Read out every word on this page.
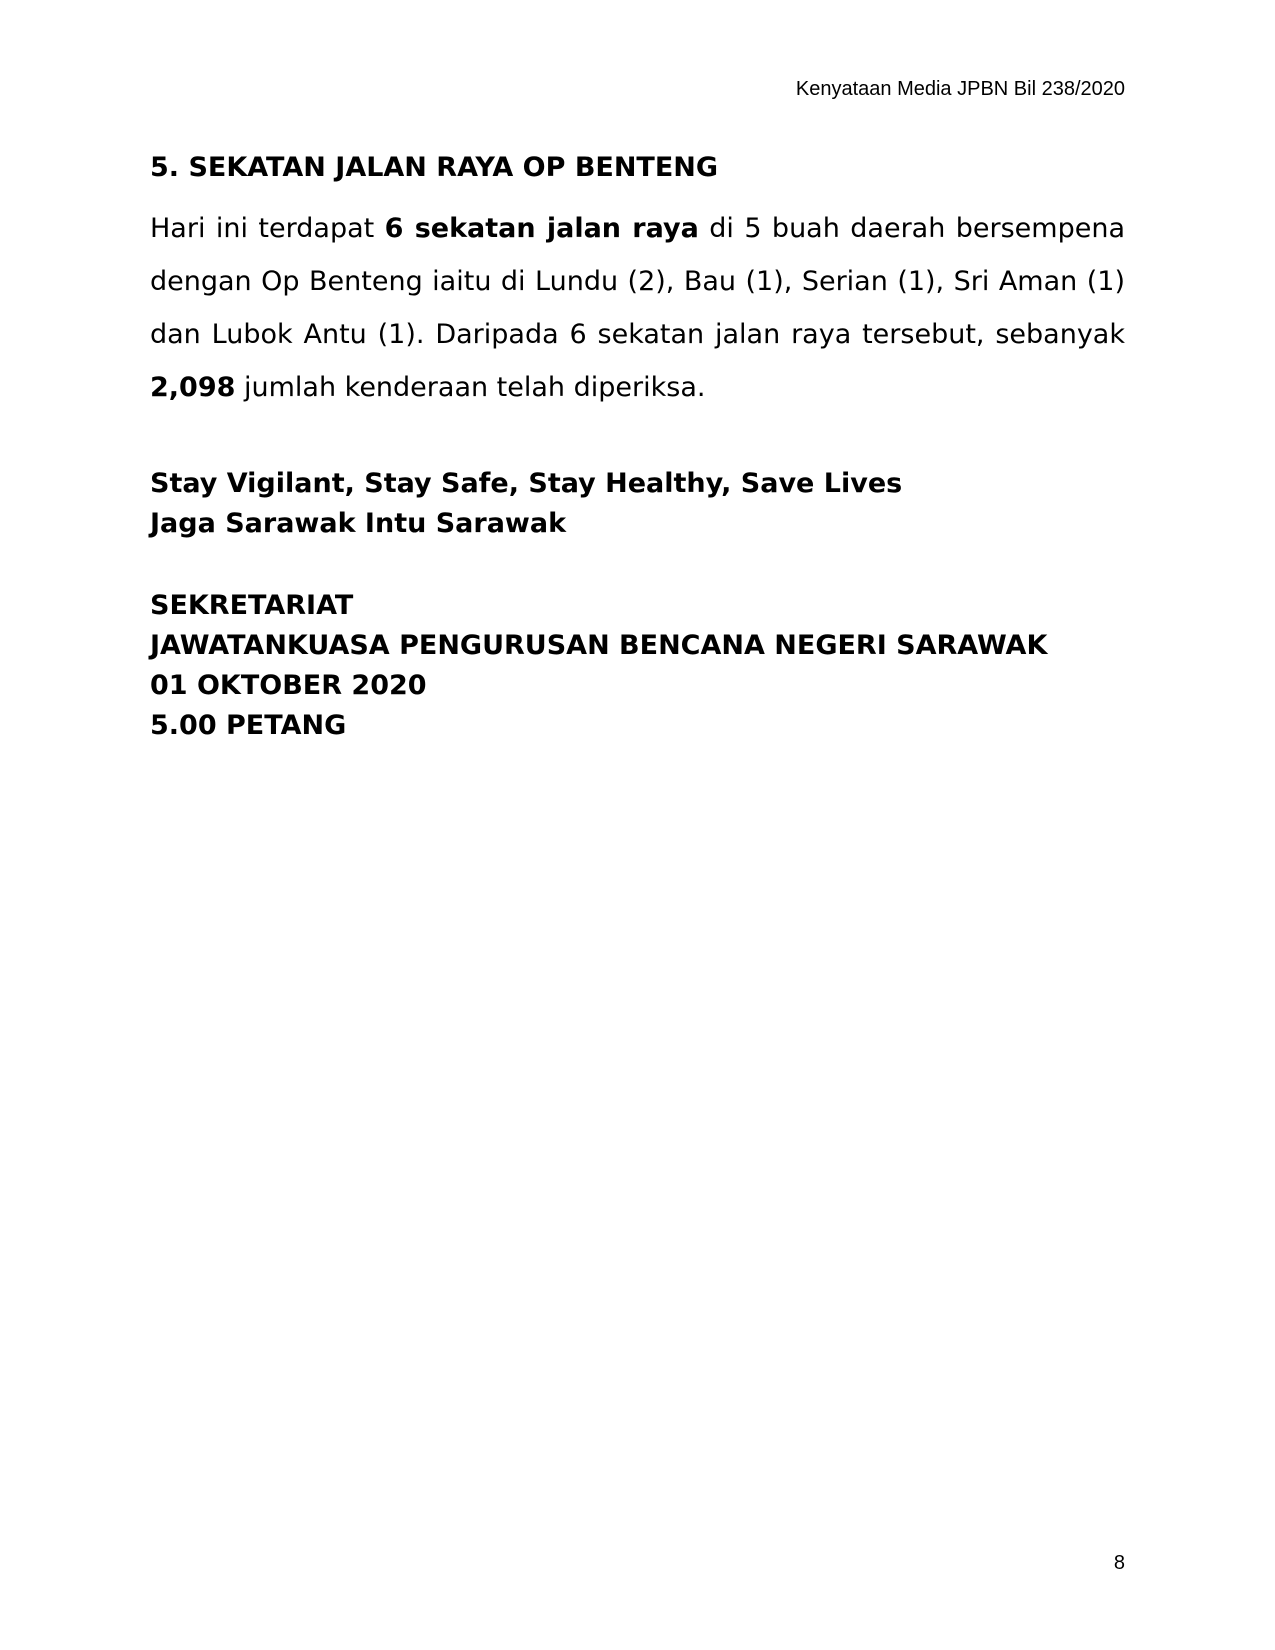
Kenyataan Media JPBN Bil 238/2020
5. SEKATAN JALAN RAYA OP BENTENG

Hari ini terdapat 6 sekatan jalan raya di 5 buah daerah bersempena dengan Op Benteng iaitu di Lundu (2), Bau (1), Serian (1), Sri Aman (1) dan Lubok Antu (1). Daripada 6 sekatan jalan raya tersebut, sebanyak 2,098 jumlah kenderaan telah diperiksa.

Stay Vigilant, Stay Safe, Stay Healthy, Save Lives
Jaga Sarawak Intu Sarawak
SEKRETARIAT
JAWATANKUASA PENGURUSAN BENCANA NEGERI SARAWAK
01 OKTOBER 2020
5.00 PETANG
8
